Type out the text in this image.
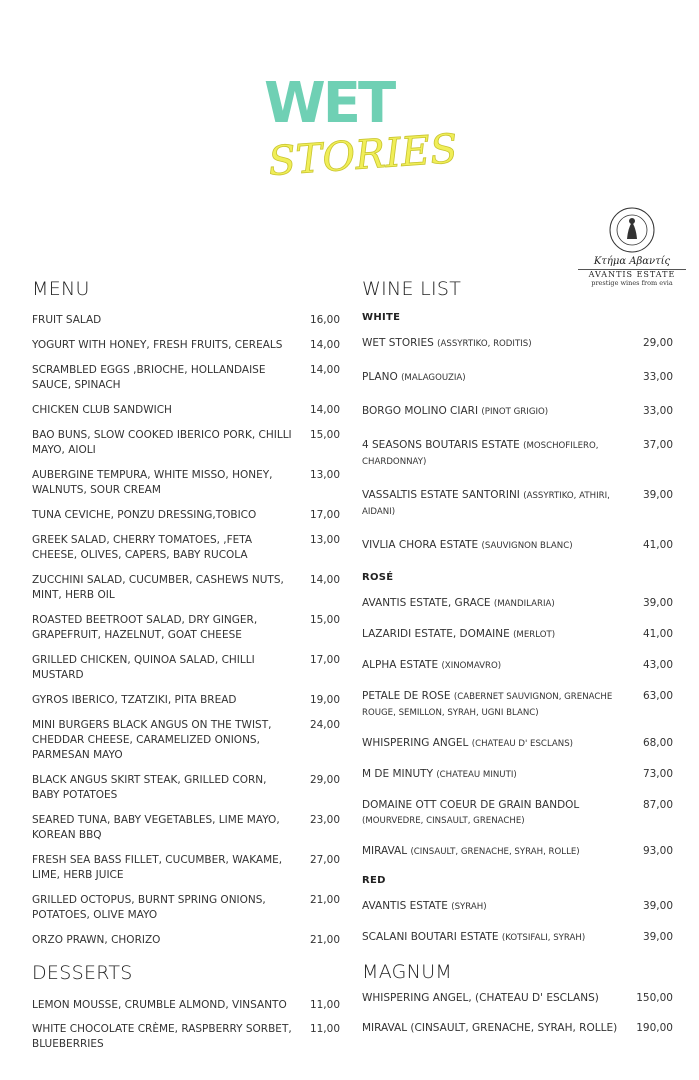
WET
STORIES
Κτήμα Αβαντίς
AVANTIS ESTATE
prestige wines from evia
MENU
FRUIT SALAD	16,00
YOGURT WITH HONEY, FRESH FRUITS, CEREALS	14,00
SCRAMBLED EGGS ,BRIOCHE, HOLLANDAISE SAUCE, SPINACH
14,00
CHICKEN CLUB SANDWICH	14,00
BAO BUNS, SLOW COOKED IBERICO PORK, CHILLI MAYO, AIOLI
15,00
AUBERGINE TEMPURA, WHITE MISSO, HONEY, WALNUTS, SOUR CREAM
13,00
TUNA CEVICHE, PONZU DRESSING,TOBICO	17,00
GREEK SALAD, CHERRY TOMATOES, ,FETA CHEESE, OLIVES, CAPERS, BABY RUCOLA
13,00
ZUCCHINI SALAD, CUCUMBER, CASHEWS NUTS, MINT, HERB OIL
14,00
ROASTED BEETROOT SALAD, DRY GINGER, GRAPEFRUIT, HAZELNUT, GOAT CHEESE
15,00
GRILLED CHICKEN, QUINOA SALAD, CHILLI MUSTARD
17,00
GYROS IBERICO, TZATZIKI, PITA BREAD	19,00
MINI BURGERS BLACK ANGUS ON THE TWIST, CHEDDAR CHEESE, CARAMELIZED ONIONS, PARMESAN MAYO
24,00
BLACK ANGUS SKIRT STEAK, GRILLED CORN, BABY POTATOES
29,00
SEARED TUNA, BABY VEGETABLES, LIME MAYO, KOREAN BBQ
23,00
FRESH SEA BASS FILLET, CUCUMBER, WAKAME, LIME, HERB JUICE
27,00
GRILLED OCTOPUS, BURNT SPRING ONIONS, POTATOES, OLIVE MAYO
21,00
ORZO PRAWN, CHORIZO	21,00
DESSERTS
LEMON MOUSSE, CRUMBLE ALMOND, VINSANTO	11,00
WHITE CHOCOLATE CRÈME, RASPBERRY SORBET, BLUEBERRIES
11,00
WINE LIST
WHITE
WET STORIES (ASSYRTIKO, RODITIS)	29,00
PLANO (MALAGOUZIA)	33,00
BORGO MOLINO CIARI (PINOT GRIGIO)	33,00
4 SEASONS BOUTARIS ESTATE (MOSCHOFILERO, CHARDONNAY)
37,00
VASSALTIS ESTATE SANTORINI (ASSYRTIKO, ATHIRI, AIDANI)
39,00
VIVLIA CHORA ESTATE (SAUVIGNON BLANC)	41,00
ROSÉ
AVANTIS ESTATE, GRACE (MANDILARIA)	39,00
LAZARIDI ESTATE, DOMAINE (MERLOT)	41,00
ALPHA ESTATE (XINOMAVRO)	43,00
PETALE DE ROSE (CABERNET SAUVIGNON, GRENACHE ROUGE, SEMILLON, SYRAH, UGNI BLANC)
63,00
WHISPERING ANGEL (CHATEAU D' ESCLANS)	68,00
M DE MINUTY (CHATEAU MINUTI)	73,00
DOMAINE OTT COEUR DE GRAIN BANDOL (MOURVEDRE, CINSAULT, GRENACHE)
87,00
MIRAVAL (CINSAULT, GRENACHE, SYRAH, ROLLE)	93,00
RED
AVANTIS ESTATE (SYRAH)	39,00
SCALANI BOUTARI ESTATE (KOTSIFALI, SYRAH)	39,00
MAGNUM
WHISPERING ANGEL, (CHATEAU D' ESCLANS)	150,00
MIRAVAL (CINSAULT, GRENACHE, SYRAH, ROLLE)	190,00
